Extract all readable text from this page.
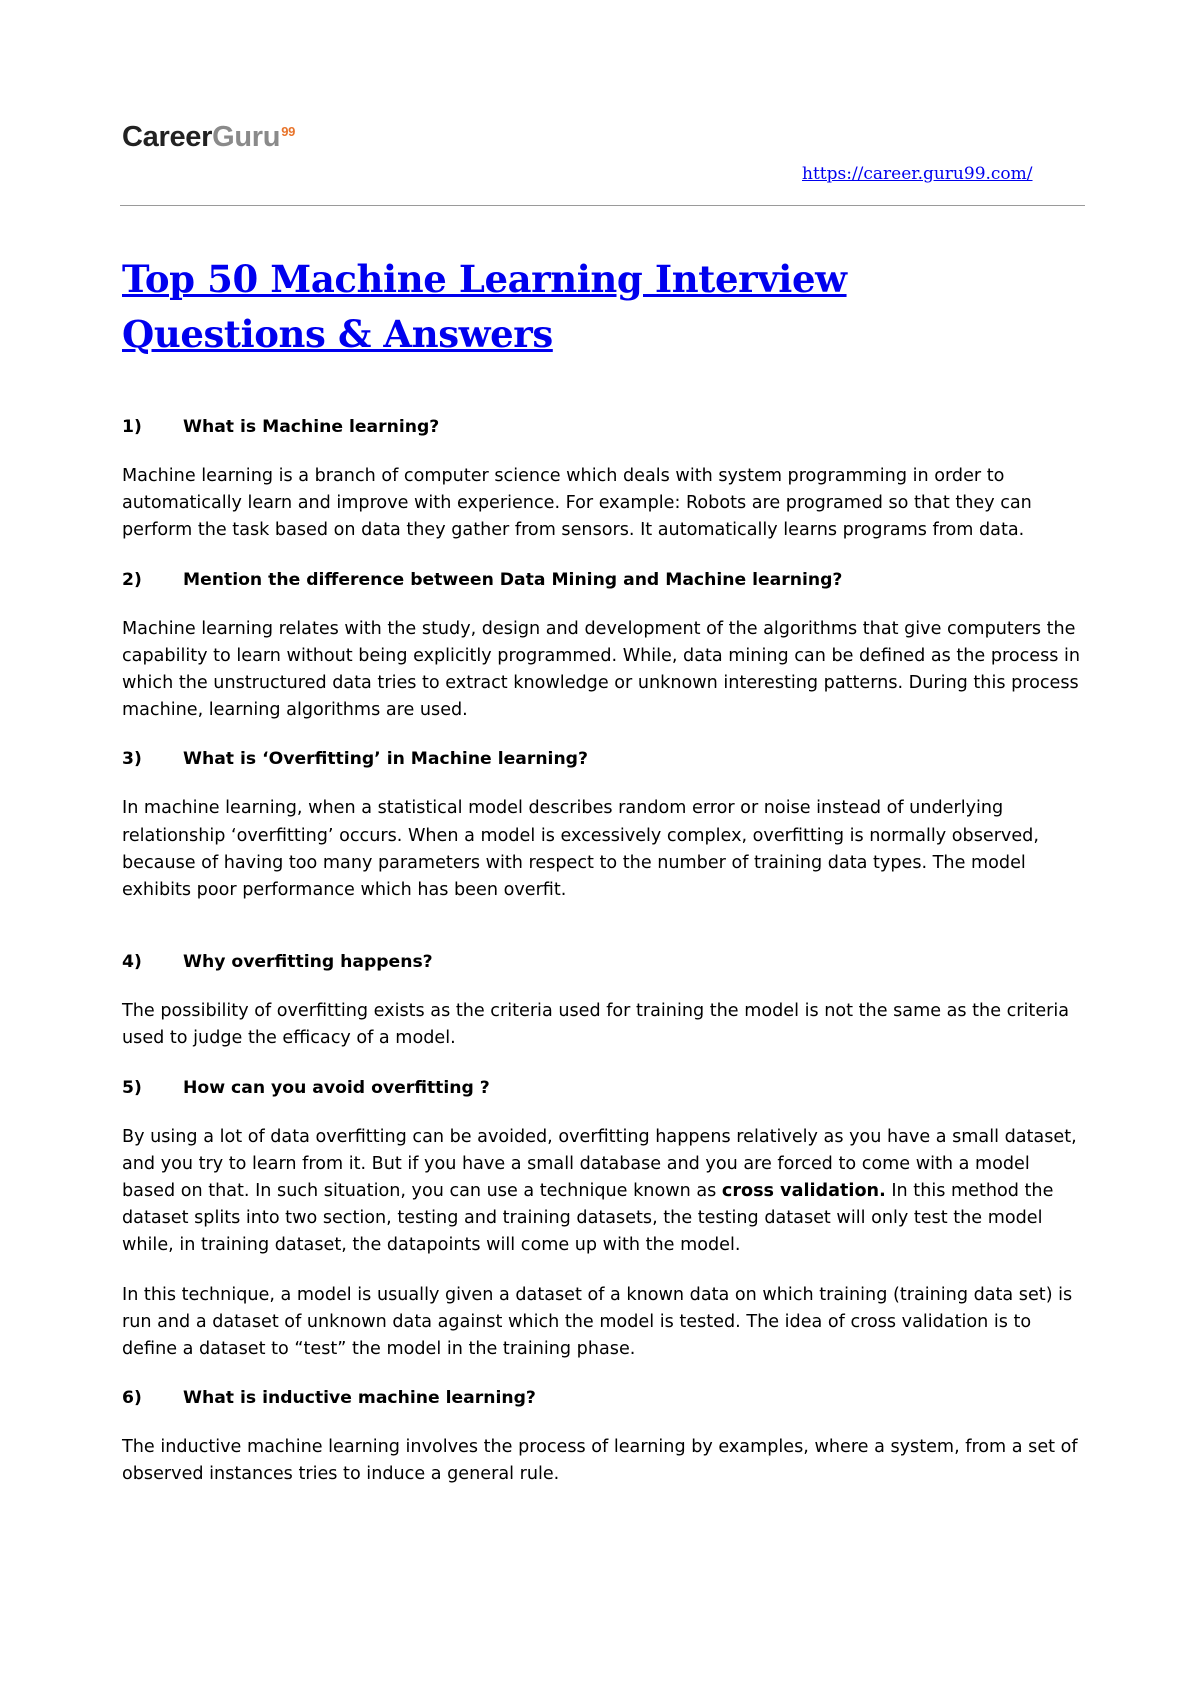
CareerGuru$^{99}$
https://career.guru99.com/
Top 50 Machine Learning Interview Questions & Answers

1)	What is Machine learning?

Machine learning is a branch of computer science which deals with system programming in order to automatically learn and improve with experience. For example: Robots are programed so that they can perform the task based on data they gather from sensors. It automatically learns programs from data.

2)	Mention the difference between Data Mining and Machine learning?

Machine learning relates with the study, design and development of the algorithms that give computers the capability to learn without being explicitly programmed. While, data mining can be defined as the process in which the unstructured data tries to extract knowledge or unknown interesting patterns. During this process machine, learning algorithms are used.

3)	What is ‘Overfitting’ in Machine learning?

In machine learning, when a statistical model describes random error or noise instead of underlying relationship ‘overfitting’ occurs. When a model is excessively complex, overfitting is normally observed, because of having too many parameters with respect to the number of training data types. The model exhibits poor performance which has been overfit.

4)	Why overfitting happens?

The possibility of overfitting exists as the criteria used for training the model is not the same as the criteria used to judge the efficacy of a model.

5)	How can you avoid overfitting ?

By using a lot of data overfitting can be avoided, overfitting happens relatively as you have a small dataset, and you try to learn from it. But if you have a small database and you are forced to come with a model based on that. In such situation, you can use a technique known as cross validation. In this method the dataset splits into two section, testing and training datasets, the testing dataset will only test the model while, in training dataset, the datapoints will come up with the model.

In this technique, a model is usually given a dataset of a known data on which training (training data set) is run and a dataset of unknown data against which the model is tested. The idea of cross validation is to define a dataset to “test” the model in the training phase.

6)	What is inductive machine learning?

The inductive machine learning involves the process of learning by examples, where a system, from a set of observed instances tries to induce a general rule.
